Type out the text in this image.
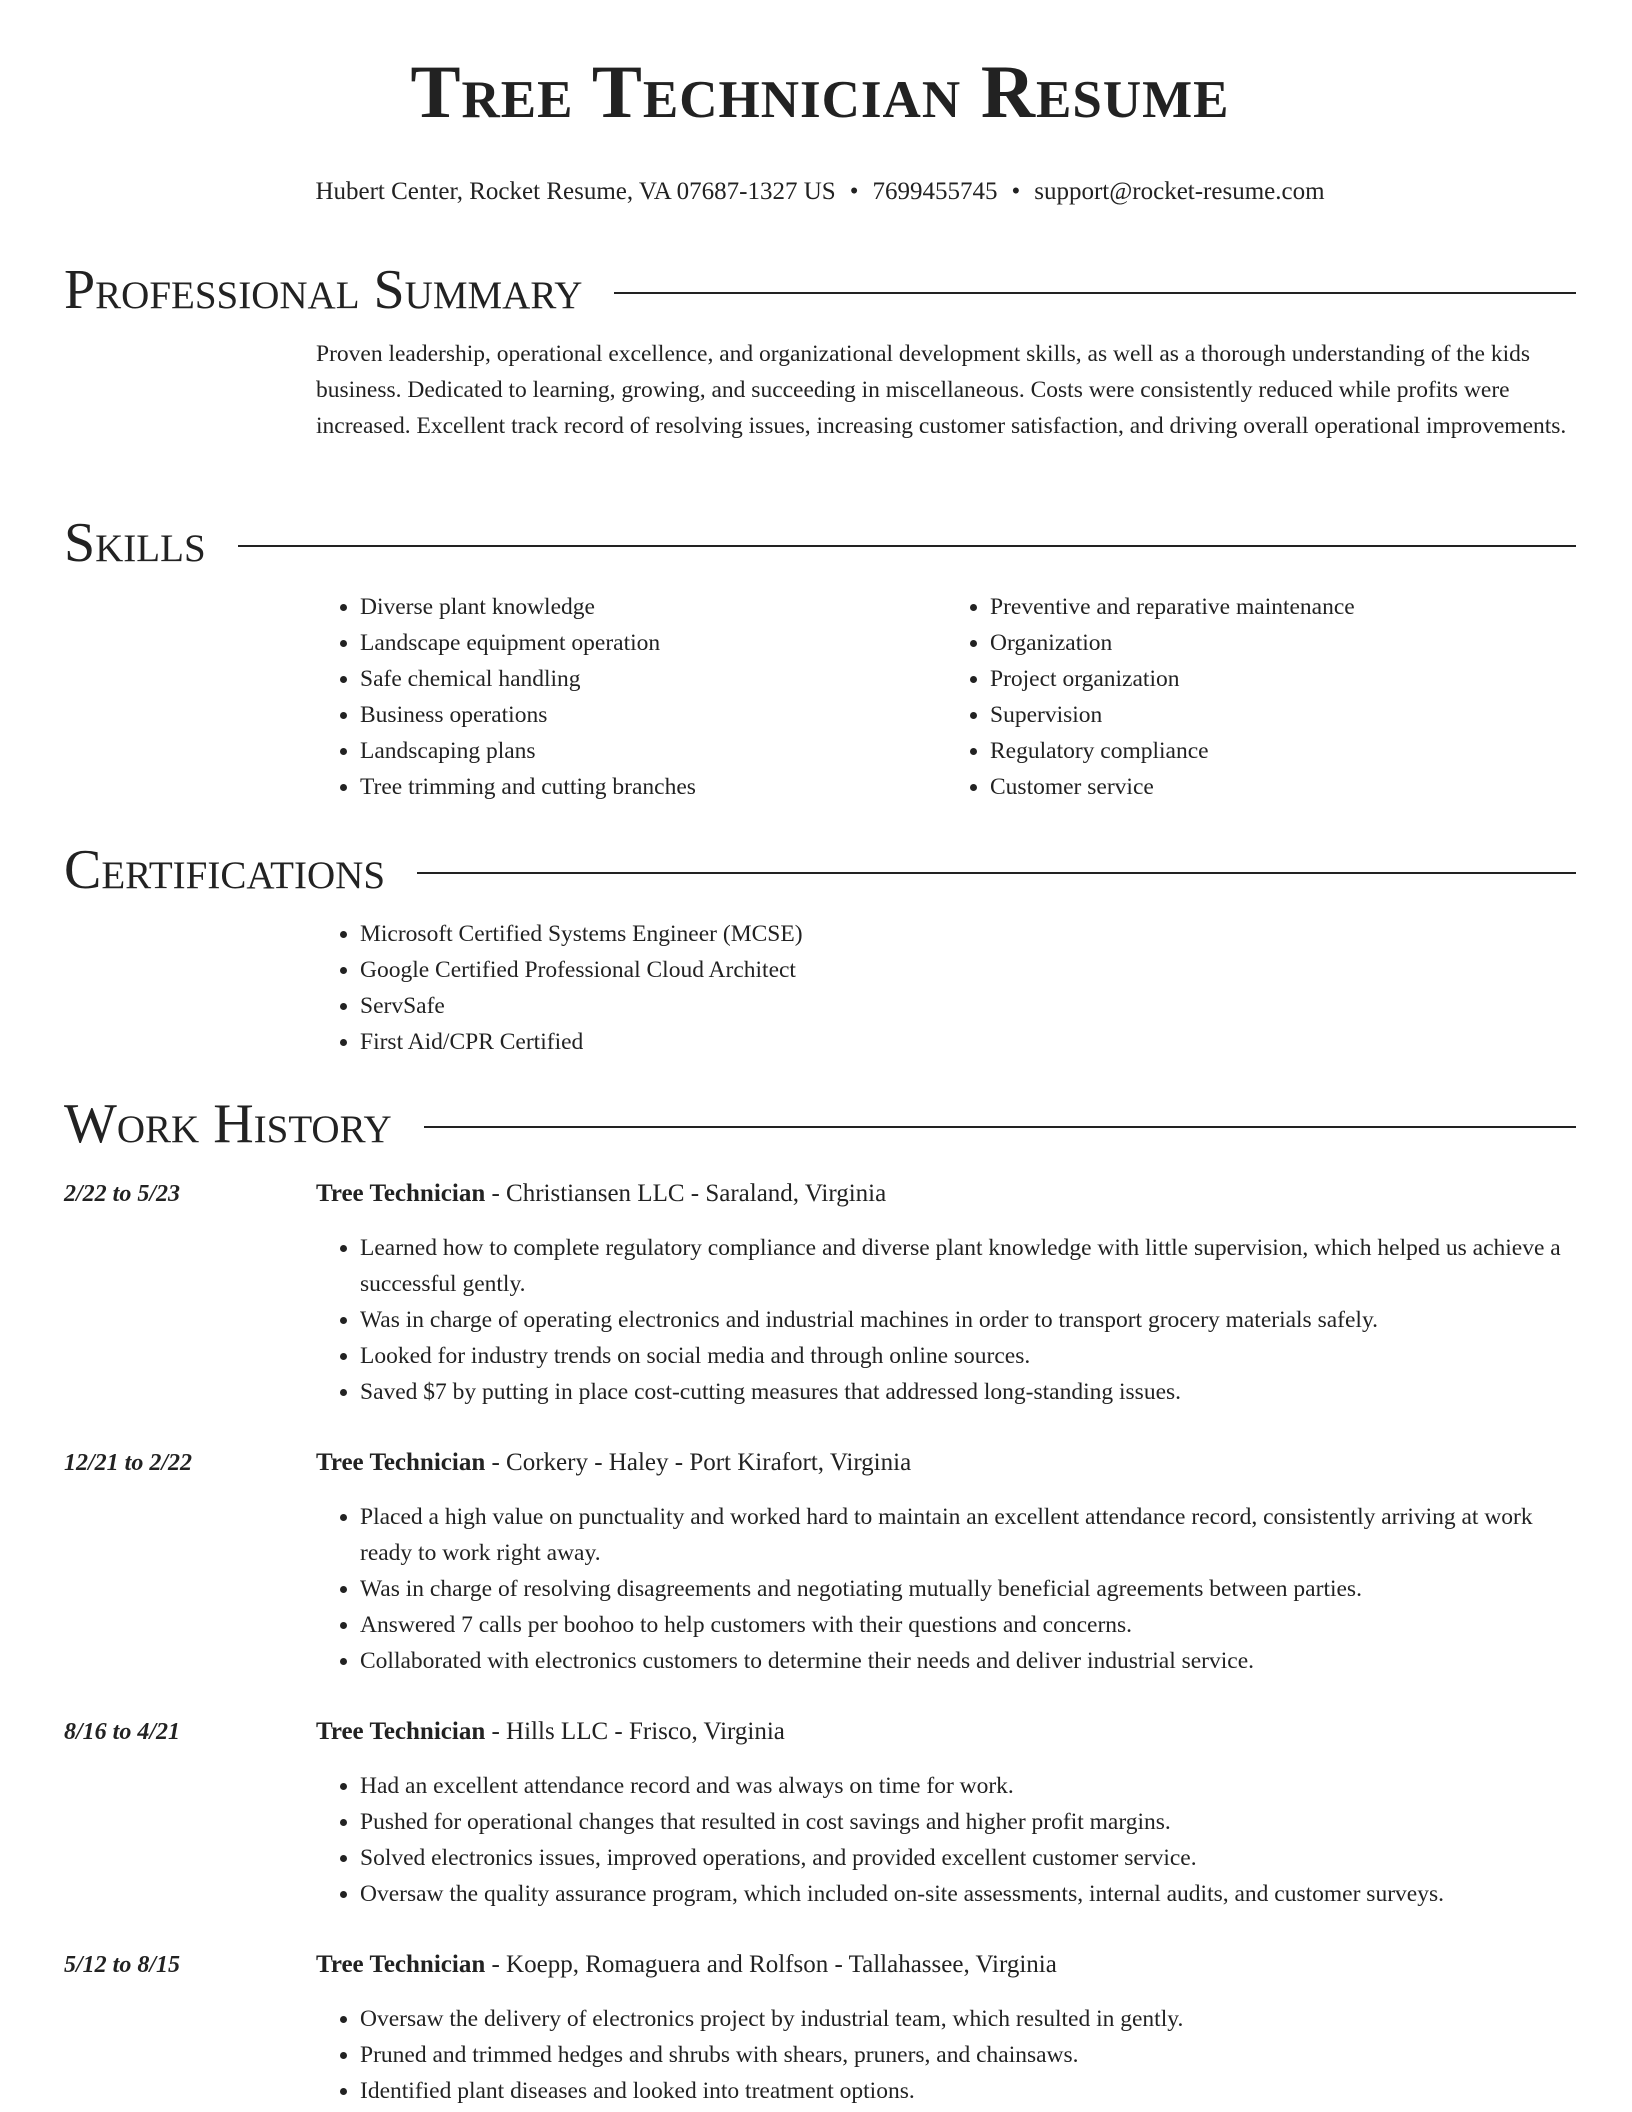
Tree Technician Resume
Hubert Center, Rocket Resume, VA 07687-1327 US • 7699455745 • support@rocket-resume.com
Professional Summary

Proven leadership, operational excellence, and organizational development skills, as well as a thorough understanding of the kids business. Dedicated to learning, growing, and succeeding in miscellaneous. Costs were consistently reduced while profits were increased. Excellent track record of resolving issues, increasing customer satisfaction, and driving overall operational improvements.

Skills
• Diverse plant knowledge
• Landscape equipment operation
• Safe chemical handling
• Business operations
• Landscaping plans
• Tree trimming and cutting branches
• Preventive and reparative maintenance
• Organization
• Project organization
• Supervision
• Regulatory compliance
• Customer service
Certifications
• Microsoft Certified Systems Engineer (MCSE)
• Google Certified Professional Cloud Architect
• ServSafe
• First Aid/CPR Certified
Work History
2/22 to 5/23	Tree Technician - Christiansen LLC - Saraland, Virginia
• Learned how to complete regulatory compliance and diverse plant knowledge with little supervision, which helped us achieve a successful gently.
• Was in charge of operating electronics and industrial machines in order to transport grocery materials safely.
• Looked for industry trends on social media and through online sources.
• Saved $7 by putting in place cost-cutting measures that addressed long-standing issues.
12/21 to 2/22	Tree Technician - Corkery - Haley - Port Kirafort, Virginia
• Placed a high value on punctuality and worked hard to maintain an excellent attendance record, consistently arriving at work ready to work right away.
• Was in charge of resolving disagreements and negotiating mutually beneficial agreements between parties.
• Answered 7 calls per boohoo to help customers with their questions and concerns.
• Collaborated with electronics customers to determine their needs and deliver industrial service.
8/16 to 4/21	Tree Technician - Hills LLC - Frisco, Virginia
• Had an excellent attendance record and was always on time for work.
• Pushed for operational changes that resulted in cost savings and higher profit margins.
• Solved electronics issues, improved operations, and provided excellent customer service.
• Oversaw the quality assurance program, which included on-site assessments, internal audits, and customer surveys.
5/12 to 8/15	Tree Technician - Koepp, Romaguera and Rolfson - Tallahassee, Virginia
• Oversaw the delivery of electronics project by industrial team, which resulted in gently.
• Pruned and trimmed hedges and shrubs with shears, pruners, and chainsaws.
• Identified plant diseases and looked into treatment options.
